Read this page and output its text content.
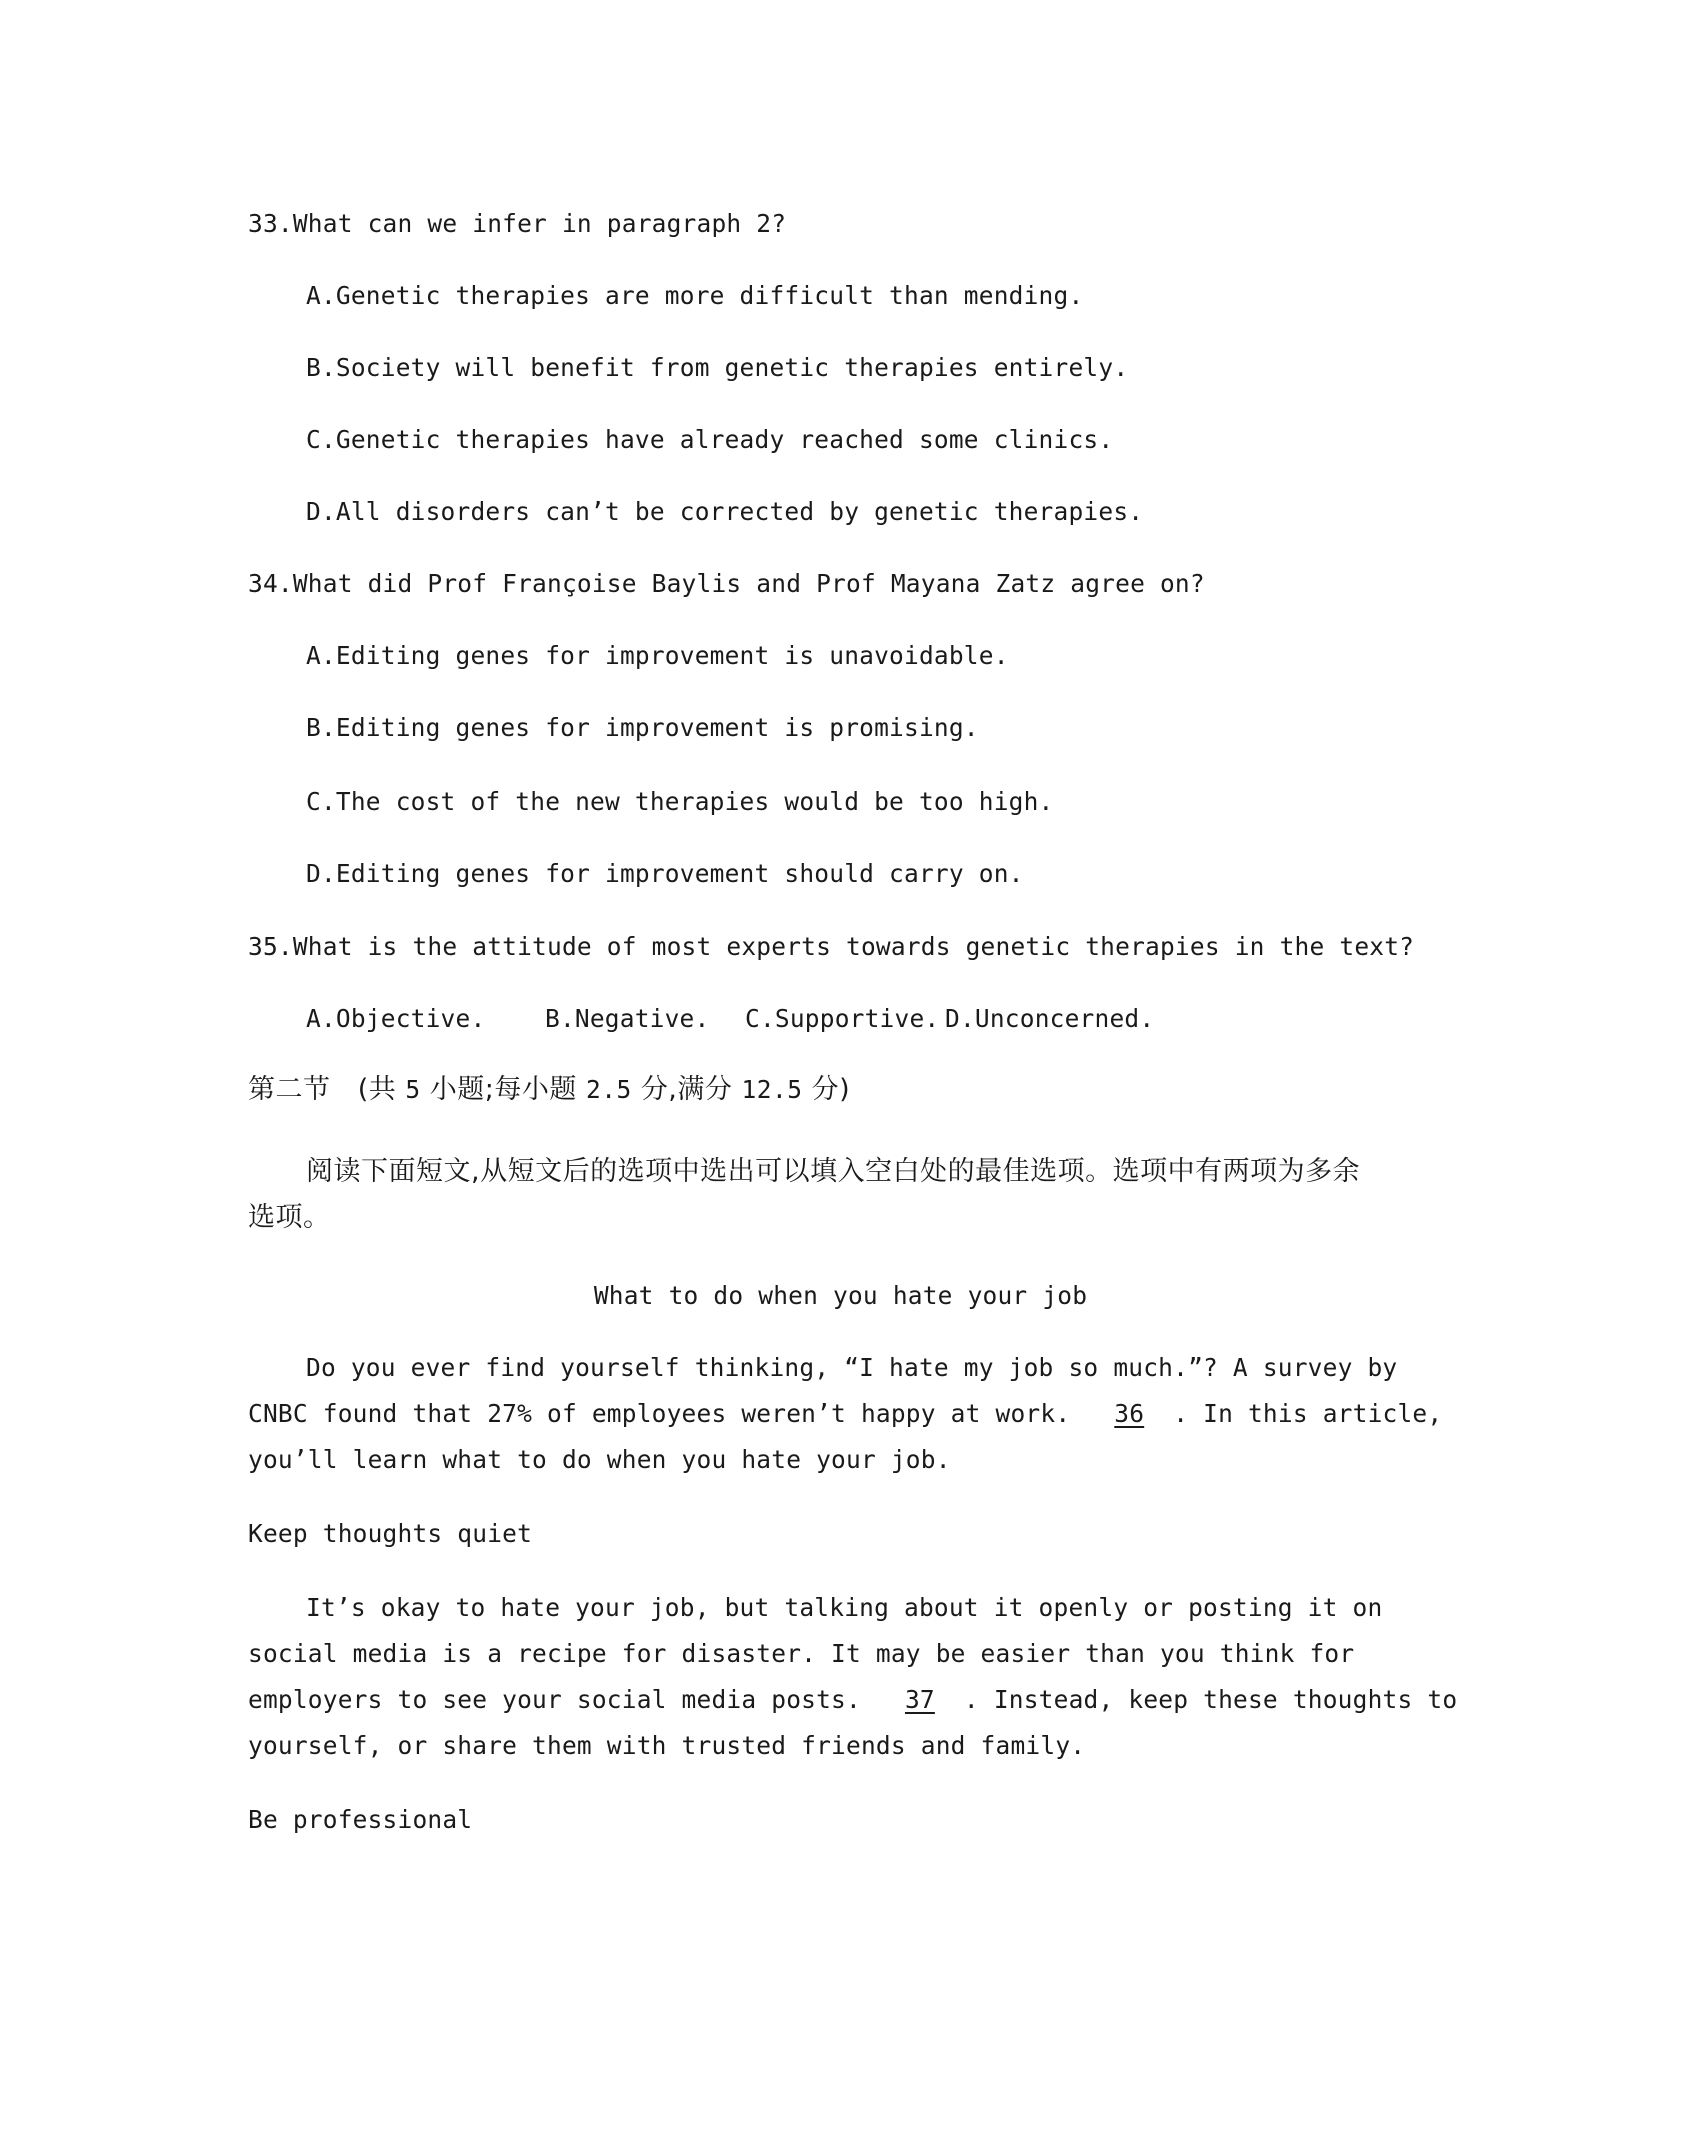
33.What can we infer in paragraph 2?
A.Genetic therapies are more difficult than mending.
B.Society will benefit from genetic therapies entirely.
C.Genetic therapies have already reached some clinics.
D.All disorders can’t be corrected by genetic therapies.
34.What did Prof Françoise Baylis and Prof Mayana Zatz agree on?
A.Editing genes for improvement is unavoidable.
B.Editing genes for improvement is promising.
C.The cost of the new therapies would be too high.
D.Editing genes for improvement should carry on.
35.What is the attitude of most experts towards genetic therapies in the text?
A.Objective. B.Negative. C.Supportive. D.Unconcerned.
第二节 (共 5 小题;每小题 2.5 分,满分 12.5 分)
阅读下面短文,从短文后的选项中选出可以填入空白处的最佳选项。选项中有两项为多余
选项。
What to do when you hate your job
Do you ever find yourself thinking, “I hate my job so much.”? A survey by
CNBC found that 27% of employees weren’t happy at work. 36 . In this article,
you’ll learn what to do when you hate your job.
Keep thoughts quiet
It’s okay to hate your job, but talking about it openly or posting it on
social media is a recipe for disaster. It may be easier than you think for
employers to see your social media posts. 37 . Instead, keep these thoughts to
yourself, or share them with trusted friends and family.
Be professional
